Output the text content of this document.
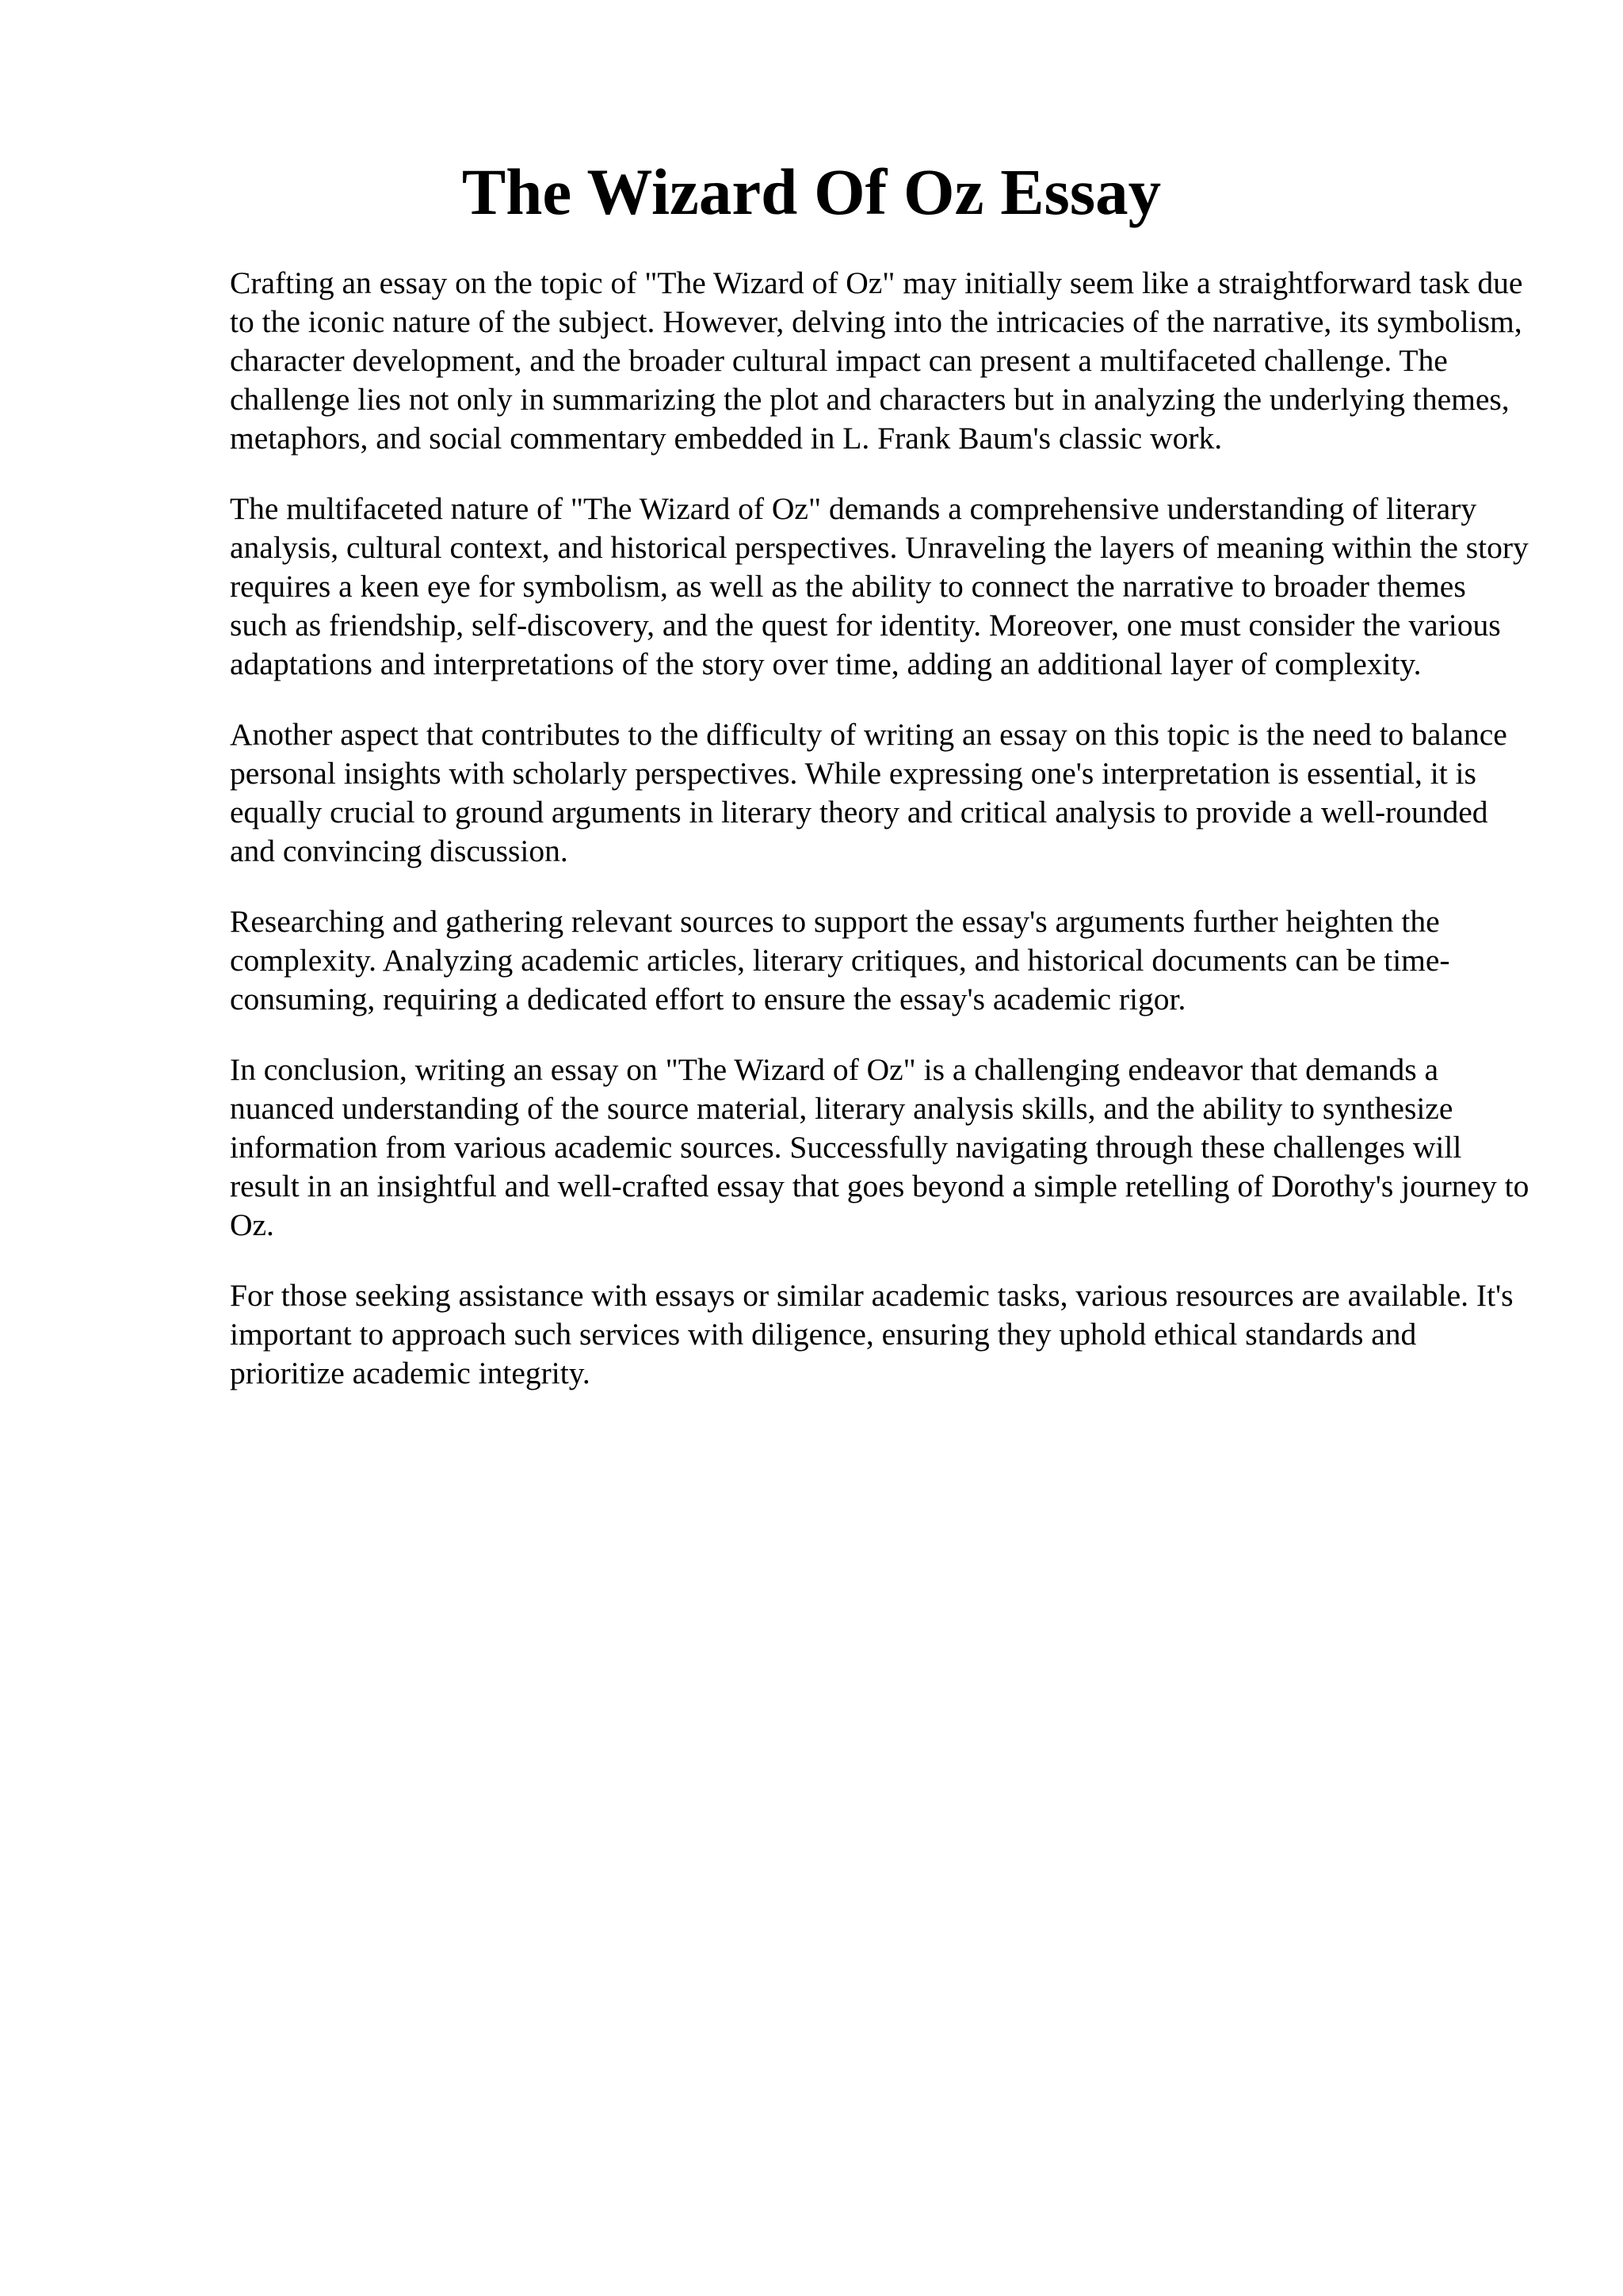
The Wizard Of Oz Essay

Crafting an essay on the topic of "The Wizard of Oz" may initially seem like a straightforward task due to the iconic nature of the subject. However, delving into the intricacies of the narrative, its symbolism, character development, and the broader cultural impact can present a multifaceted challenge. The challenge lies not only in summarizing the plot and characters but in analyzing the underlying themes, metaphors, and social commentary embedded in L. Frank Baum's classic work.

The multifaceted nature of "The Wizard of Oz" demands a comprehensive understanding of literary analysis, cultural context, and historical perspectives. Unraveling the layers of meaning within the story requires a keen eye for symbolism, as well as the ability to connect the narrative to broader themes such as friendship, self-discovery, and the quest for identity. Moreover, one must consider the various adaptations and interpretations of the story over time, adding an additional layer of complexity.

Another aspect that contributes to the difficulty of writing an essay on this topic is the need to balance personal insights with scholarly perspectives. While expressing one's interpretation is essential, it is equally crucial to ground arguments in literary theory and critical analysis to provide a well-rounded and convincing discussion.

Researching and gathering relevant sources to support the essay's arguments further heighten the complexity. Analyzing academic articles, literary critiques, and historical documents can be time-consuming, requiring a dedicated effort to ensure the essay's academic rigor.

In conclusion, writing an essay on "The Wizard of Oz" is a challenging endeavor that demands a nuanced understanding of the source material, literary analysis skills, and the ability to synthesize information from various academic sources. Successfully navigating through these challenges will result in an insightful and well-crafted essay that goes beyond a simple retelling of Dorothy's journey to Oz.

For those seeking assistance with essays or similar academic tasks, various resources are available. It's important to approach such services with diligence, ensuring they uphold ethical standards and prioritize academic integrity.
